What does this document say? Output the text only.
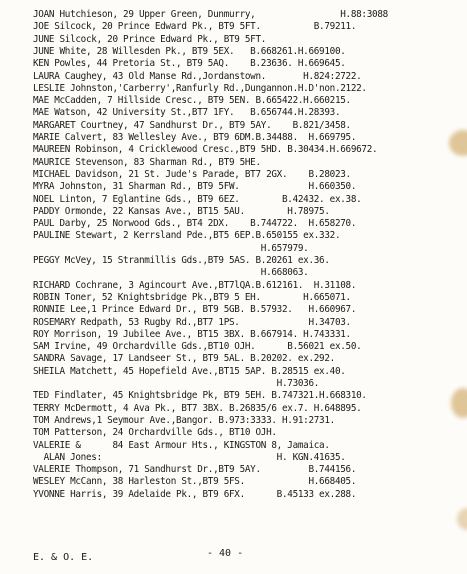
JOAN Hutchieson, 29 Upper Green, Dunmurry,                H.88:3088
JOE Silcock, 20 Prince Edward Pk., BT9 5FT.          B.79211.
JUNE Silcock, 20 Prince Edward Pk., BT9 5FT.
JUNE White, 28 Willesden Pk., BT9 5EX.   B.668261.H.669100.
KEN Powles, 44 Pretoria St., BT9 5AQ.    B.23636. H.669645.
LAURA Caughey, 43 Old Manse Rd.,Jordanstown.       H.824:2722.
LESLIE Johnston,'Carberry',Ranfurly Rd.,Dungannon.H.D'non.2122.
MAE McCadden, 7 Hillside Cresc., BT9 5EN. B.665422.H.660215.
MAE Watson, 42 University St.,BT7 1FY.   B.656744.H.28393.
MARGARET Courtney, 47 Sandhurst Dr., BT9 5AY.    B.821/3458.
MARIE Calvert, 83 Wellesley Ave., BT9 6DM.B.34488.  H.669795.
MAUREEN Robinson, 4 Cricklewood Cresc.,BT9 5HD. B.30434.H.669672.
MAURICE Stevenson, 83 Sharman Rd., BT9 5HE.
MICHAEL Davidson, 21 St. Jude's Parade, BT7 2GX.    B.28023.
MYRA Johnston, 31 Sharman Rd., BT9 5FW.             H.660350.
NOEL Linton, 7 Eglantine Gds., BT9 6EZ.        B.42432. ex.38.
PADDY Ormonde, 22 Kansas Ave., BT15 5AU.        H.78975.
PAUL Darby, 25 Norwood Gds., BT4 2DX.    B.744722.  H.658270.
PAULINE Stewart, 2 Kerrsland Pde.,BT5 6EP.B.650155 ex.332.
H.657979.
PEGGY McVey, 15 Stranmillis Gds.,BT9 5AS. B.20261 ex.36.
H.668063.
RICHARD Cochrane, 3 Agincourt Ave.,BT7lQA.B.612161.  H.31108.
ROBIN Toner, 52 Knightsbridge Pk.,BT9 5 EH.        H.665071.
RONNIE Lee,1 Prince Edward Dr., BT9 5GB. B.57932.   H.660967.
ROSEMARY Redpath, 53 Rugby Rd.,BT7 1PS.             H.34703.
ROY Morrison, 19 Jubilee Ave., BT15 3BX. B.667914. H.743331.
SAM Irvine, 49 Orchardville Gds.,BT10 OJH.      B.56021 ex.50.
SANDRA Savage, 17 Landseer St., BT9 5AL. B.20202. ex.292.
SHEILA Matchett, 45 Hopefield Ave.,BT15 5AP. B.28515 ex.40.
H.73036.
TED Findlater, 45 Knightsbridge Pk, BT9 5EH. B.747321.H.668310.
TERRY McDermott, 4 Ava Pk., BT7 3BX. B.26835/6 ex.7. H.648895.
TOM Andrews,1 Seymour Ave.,Bangor. B.973:3333. H.91:2731.
TOM Patterson, 24 Orchardville Gds., BT10 OJH.
VALERIE &      84 East Armour Hts., KINGSTON 8, Jamaica.
ALAN Jones:                                 H. KGN.41635.
VALERIE Thompson, 71 Sandhurst Dr.,BT9 5AY.         B.744156.
WESLEY McCann, 38 Harleston St.,BT9 5FS.            H.668405.
YVONNE Harris, 39 Adelaide Pk., BT9 6FX.      B.45133 ex.288.
E. & O. E.	- 40 -
